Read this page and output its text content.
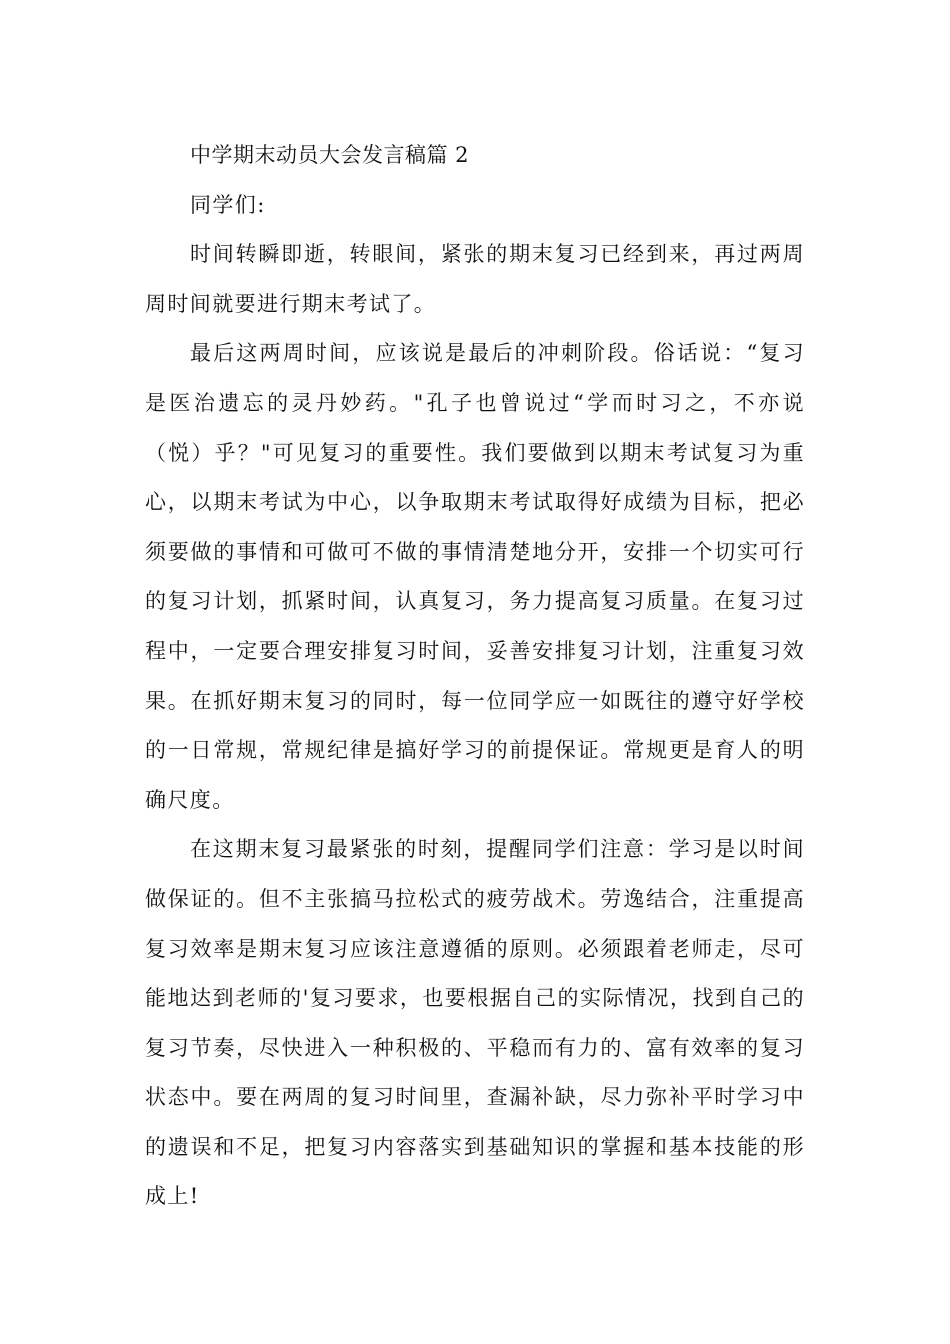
中学期末动员大会发言稿篇 2

同学们:

时间转瞬即逝，转眼间，紧张的期末复习已经到来，再过两周周时间就要进行期末考试了。

最后这两周时间，应该说是最后的冲刺阶段。俗话说：“复习是医治遗忘的灵丹妙药。"孔子也曾说过“学而时习之，不亦说（悦）乎？"可见复习的重要性。我们要做到以期末考试复习为重心，以期末考试为中心，以争取期末考试取得好成绩为目标，把必须要做的事情和可做可不做的事情清楚地分开，安排一个切实可行的复习计划，抓紧时间，认真复习，务力提高复习质量。在复习过程中，一定要合理安排复习时间，妥善安排复习计划，注重复习效果。在抓好期末复习的同时，每一位同学应一如既往的遵守好学校的一日常规，常规纪律是搞好学习的前提保证。常规更是育人的明确尺度。

在这期末复习最紧张的时刻，提醒同学们注意：学习是以时间做保证的。但不主张搞马拉松式的疲劳战术。劳逸结合，注重提高复习效率是期末复习应该注意遵循的原则。必须跟着老师走，尽可能地达到老师的'复习要求，也要根据自己的实际情况，找到自己的复习节奏，尽快进入一种积极的、平稳而有力的、富有效率的复习状态中。要在两周的复习时间里，查漏补缺，尽力弥补平时学习中的遗误和不足，把复习内容落实到基础知识的掌握和基本技能的形成上!
